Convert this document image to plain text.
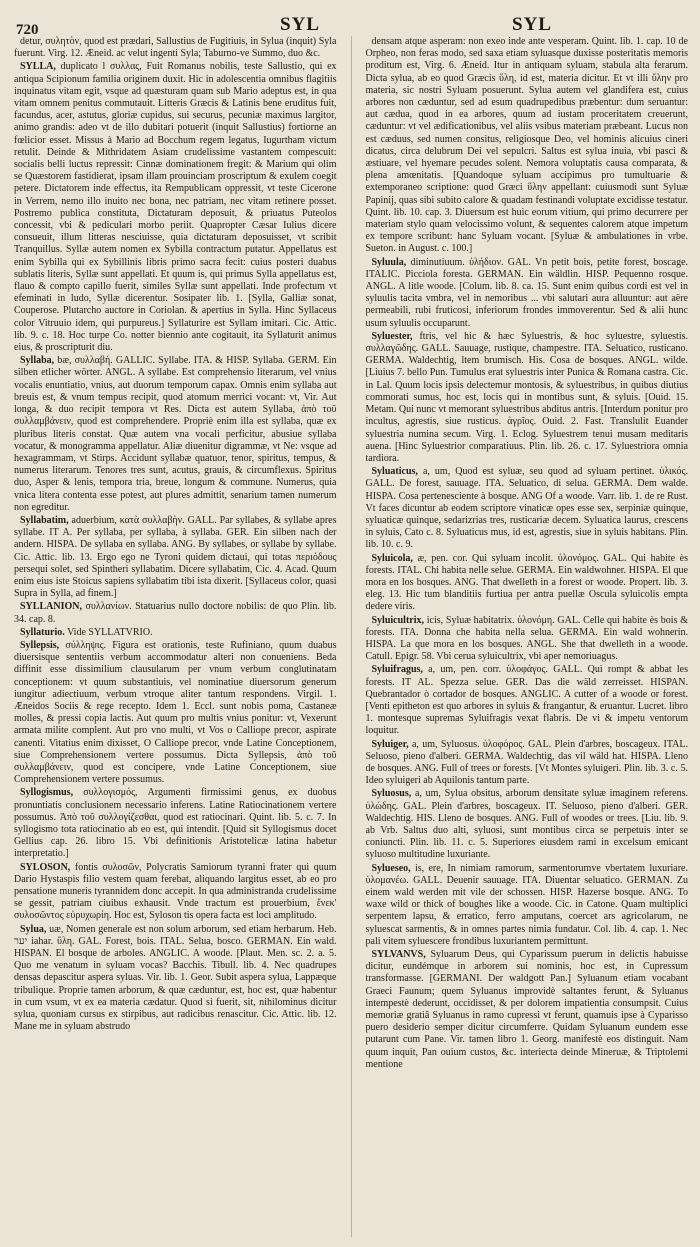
720	SYL	SYL

detur, συλητὸν, quod est prædari, Sallustius de Fugitiuis, in Sylua (inquit) Syla fuerunt. Virg. 12. Æneid. ac velut ingenti Syla; Taburno-ve Summo, duo &c.

SYLLA, duplicato l συλλας, Fuit Romanus nobilis, teste Sallustio, qui ex antiqua Scipionum familia originem duxit. Hic in adolescentia omnibus flagitiis inquinatus vitam egit, vsque ad quæsturam quam sub Mario adeptus est, in qua vitam omnem penitus commutauit. Litteris Græcis & Latinis bene eruditus fuit, facundus, acer, astutus, gloriæ cupidus, sui securus, pecuniæ maximus largitor, animo grandis: adeo vt de illo dubitari potuerit (inquit Sallustius) fortiorne an fœlicior esset. Missus à Mario ad Bocchum regem legatus, Iugurtham victum retulit. Deinde & Mithridatem Asiam crudelissime vastantem compescuit: socialis belli luctus repressit: Cinnæ dominationem fregit: & Marium qui olim se Quæstorem fastidierat, ipsam illam prouinciam proscriptum & exulem coegit petere. Dictatorem inde effectus, ita Rempublicam oppressit, vt teste Cicerone in Verrem, nemo illo inuito nec bona, nec patriam, nec vitam retinere posset. Postremo publica constituta, Dictaturam deposuit, & priuatus Puteolos concessit, vbi & pediculari morbo periit. Quapropter Cæsar Iulius dicere consueuit, illum litteras nesciuisse, quia dictaturam deposuisset, vt scribit Tranquillus. Syllæ autem nomen ex Sybilla contractum putatur. Appellatus est enim Sybilla qui ex Sybillinis libris primo sacra fecit: cuius posteri duabus sublatis literis, Syllæ sunt appellati. Et quum is, qui primus Sylla appellatus est, flauo & compto capillo fuerit, similes Syllæ sunt appellati. Inde profectum vt efeminati in ludo, Syllæ dicerentur. Sosipater lib. 1. [Sylla, Galliæ sonat, Couperose. Plutarcho auctore in Coriolan. & apertius in Sylla. Hinc Syllaceus color Vitruuio idem, qui purpureus.] Syllaturire est Syllam imitari. Cic. Attic. lib. 9. c. 18. Hoc turpe Co. notter biennio ante cogitauit, ita Syllaturit animus eius, & proscripturit diu.

Syllaba, bæ, συλλαβή. GALLIC. Syllabe. ITA. & HISP. Syllaba. GERM. Ein silben etlicher wörter. ANGL. A syllabe. Est comprehensio literarum, vel vnius vocalis enuntiatio, vnius, aut duorum temporum capax. Omnis enim syllaba aut breuis est, & vnum tempus recipit, quod atomum merrici vocant: vt, Vir. Aut longa, & duo recipit tempora vt Res. Dicta est autem Syllaba, ἀπὸ τοῦ συλλαμβάνειν, quod est comprehendere. Propriè enim illa est syllaba, quæ ex pluribus literis constat. Quæ autem vna vocali perficitur, abusiue syllaba vocatur, & monogramma appellatur. Aliæ diuenitur digrammæ, vt Ne: vsque ad hexagrammam, vt Stirps. Accidunt syllabæ quatuor, tenor, spiritus, tempus, & numerus literarum. Tenores tres sunt, acutus, grauis, & circumflexus. Spiritus duo, Asper & lenis, tempora tria, breue, longum & commune. Numerus, quia vnica litera contenta esse potest, aut plures admittit, senarium tamen numerum non egreditur.

Syllabatim, aduerbium, κατὰ συλλαβὴν. GALL. Par syllabes, & syllabe apres syllabe. IT A. Per syllaba, per syllaba, à syllaba. GER. Ein silben nach der andern. HISPA. De syllaba en syllaba. ANG. By syllabes, or syllabe by syllabe. Cic. Attic. lib. 13. Ergo ego ne Tyroni quidem dictaui, qui totas περιόδους persequi solet, sed Spintheri syllabatim. Dicere syllabatim, Cic. 4. Acad. Quum enim eius iste Stoicus sapiens syllabatim tibi ista dixerit. [Syllaceus color, quasi Supra in Sylla, ad finem.]

SYLLANION, συλλανίων. Statuarius nullo doctore nobilis: de quo Plin. lib. 34. cap. 8.

Syllaturio. Vide SYLLATVRIO.

Syllepsis, σύλληψις. Figura est orationis, teste Rufiniano, quum duabus diuersisque sententiis verbum accommodatur alteri non conueniens. Beda diffinit esse dissimilium clausularum per vnum verbum conglutinatam conceptionem: vt quum substantiuis, vel nominatiue diuersorum generum iungitur adiectiuum, verbum vtroque aliter tantum respondens. Virgil. 1. Æneidos Sociis & rege recepto. Idem 1. Eccl. sunt nobis poma, Castaneæ molles, & pressi copia lactis. Aut quum pro multis vnius ponitur: vt, Vexerunt armata milite complent. Aut pro vno multi, vt Vos o Calliope precor, aspirate canenti. Vitatius enim dixisset, O Calliope precor, vnde Latine Conceptionem, siue Comprehensionem vertere possumus. Dicta Syllepsis, ἀπὸ τοῦ συλλαμβάνειν, quod est concipere, vnde Latine Conceptionem, siue Comprehensionem vertere possumus.

Syllogismus, συλλογισμός, Argumenti firmissimi genus, ex duobus pronuntiatis conclusionem necessario inferens. Latine Ratiocinationem vertere possumus. Ἀπὸ τοῦ συλλογίζεσθαι, quod est ratiocinari. Quint. lib. 5. c. 7. In syllogismo tota ratiocinatio ab eo est, qui intendit. [Quid sit Syllogismus docet Gellius cap. 26. libro 15. Vbi definitionis Aristotelicæ latina habetur interpretatio.]

SYLOSON, fontis συλοσῶν, Polycratis Samiorum tyranni frater qui quum Dario Hystaspis filio vestem quam ferebat, aliquando largitus esset, ab eo pro pensatione muneris tyrannidem donc accepit. In qua administranda crudelissime se gessit, patriam ciuibus exhausit. Vnde tractum est prouerbium, ἕνεκ' συλοσῶντος εὐρυχωρίη. Hoc est, Syloson tis opera facta est loci amplitudo.

Sylua, uæ, Nomen generale est non solum arborum, sed etiam herbarum. Heb. יער iahar. ὕλη. GAL. Forest, bois. ITAL. Selua, bosco. GERMAN. Ein wald. HISPAN. El bosque de arboles. ANGLIC. A woode. [Plaut. Men. sc. 2. a. 5. Quo me venatum in syluam vocas? Bacchis. Tibull. lib. 4. Nec quadrupes densas depascitur aspera syluas. Vir. lib. 1. Geor. Subit aspera sylua, Lappæque tribulique. Proprie tamen arborum, & quæ cæduntur, est, hoc est, quæ habentur in cum vsum, vt ex ea materia cædatur. Quod si fuerit, sit, nihilominus dicitur sylua, quoniam cursus ex stirpibus, aut radicibus renascitur. Cic. Attic. lib. 12. Mane me in syluam abstrudo

densam atque asperam: non exeo inde ante vesperam. Quint. lib. 1. cap. 10 de Orpheo, non feras modo, sed saxa etiam syluasque duxisse posteritatis memoris proditum est, Virg. 6. Æneid. Itur in antiquam syluam, stabula alta ferarum. Dicta sylua, ab eo quod Græcis ὕλη, id est, materia dicitur. Et vt illi ὕλην pro materia, sic nostri Syluam posuerunt. Sylua autem vel glandifera est, cuius arbores non cæduntur, sed ad esum quadrupedibus præbentur: dum seruantur: aut cædua, quod in ea arbores, quum ad iustam proceritatem creuerunt, cæduntur: vt vel ædificationibus, vel aliis vsibus materiam præbeant. Lucus non est cæduus, sed numen consitus, religiosque Deo, vel hominis alicuius cineri dicatus, circa delubrum Dei vel sepulcri. Saltus est sylua inuia, vbi pasci & æstiuare, vel hyemare pecudes solent. Nemora voluptatis causa comparata, & plena amœnitatis. [Quandoque syluam accipimus pro tumultuarie & extemporaneo scriptione: quod Græci ὕλην appellant: cuiusmodi sunt Syluæ Papinij, quas sibi subito calore & quadam festinandi voluptate excidisse testatur. Quint. lib. 10. cap. 3. Diuersum est huic eorum vitium, qui primo decurrere per materiam stylo quam velocissimo volunt, & sequentes calorem atque impetum ex tempore scribunt: hanc Syluam vocant. [Syluæ & ambulationes in vrbe. Sueton. in August. c. 100.]

Syluula, diminutiuum. ὑλήδιον. GAL. Vn petit bois, petite forest, boscage. ITALIC. Picciola foresta. GERMAN. Ein wäldlin. HISP. Pequenno rosque. ANGL. A litle woode. [Colum. lib. 8. ca. 15. Sunt enim quibus cordi est vel in syluulis tacita vmbra, vel in nemoribus ... vbi salutari aura alluuntur: aut aëre permeabili, rubi fruticosi, inferiorum frondes immoverentur. Sed & alii hunc usum syluulis occuparunt.

Syluester, ftris, vel hic & hæc Syluestris, & hoc syluestre, syluestis. συλλαγῶδης. GALL. Sauuage, rustique, champestre. ITA. Seluatico, rusticano. GERMA. Waldechtig, ltem brumisch. His. Cosa de bosques. ANGL. wilde. [Liuius 7. bello Pun. Tumulus erat syluestris inter Punica & Romana castra. Cic. in Lal. Quum locis ipsis delectemur montosis, & syluestribus, in quibus diutius commorati sumus, hoc est, locis qui in montibus sunt, & syluis. [Ouid. 15. Metam. Qui nunc vt memorant syluestribus abditus antris. [Interdum ponitur pro incultus, agrestis, siue rusticus. ἀγρῖος. Ouid. 2. Fast. Translulit Euander syluestria numina secum. Virg. 1. Eclog. Syluestrem tenui musam meditaris auena. [Hinc Syluestrior comparatiuus. Plin. lib. 26. c. 17. Syluestriora omnia tardiora.

Syluaticus, a, um, Quod est syluæ, seu quod ad syluam pertinet. ὑλικός. GALL. De forest, sauuage. ITA. Seluatico, di selua. GERMA. Dem walde. HISPA. Cosa pertenesciente à bosque. ANG Of a woode. Varr. lib. 1. de re Rust. Vt faces dicuntur ab eodem scriptore vinaticæ opes esse sex, serpiniæ quinque, syluaticæ quinque, sedarizrias tres, rusticariæ decem. Syluatica laurus, crescens in syluis, Cato c. 8. Syluaticus mus, id est, agrestis, siue in syluis habitans. Plin. lib. 10. c. 9.

Syluicola, æ, pen. cor. Qui syluam incolit. ὑλονόμος. GAL. Qui habite ès forests. ITAL. Chi habita nelle selue. GERMA. Ein waldwohner. HISPA. El que mora en los bosques. ANG. That dwelleth in a forest or woode. Propert. lib. 3. eleg. 13. Hic tum blanditiis furtiua per antra puellæ Oscula syluicolis empta dedere viris.

Syluicultrix, icis, Syluæ habitatrix. ὑλονόμη. GAL. Celle qui habite ès bois & forests. ITA. Donna che habita nella selua. GERMA. Ein wald wohnerin. HISPA. La que mora en los bosques. ANGL. She that dwelleth in a woode. Catull. Epigr. 58. Vbi cerua syluicultrix, vbi aper nemoriuagus.

Syluifragus, a, um, pen. corr. ὑλοφάγος. GALL. Qui rompt & abbat les forests. IT AL. Spezza selue. GER. Das die wäld zerreisset. HISPAN. Quebrantador ò cortador de bosques. ANGLIC. A cutter of a woode or forest. [Venti epitheton est quo arbores in syluis & frangantur, & eruantur. Lucret. libro 1. montesque supremas Syluifragis vexat flabris. De vi & impetu ventorum loquitur.

Syluiger, a, um, Syluosus. ὑλοφόρος. GAL. Plein d'arbres, boscageux. ITAL. Seluoso, pieno d'alberi. GERMA. Waldechtig, das vil wäld hat. HISPA. Lleno de bosques. ANG. Full of trees or forests. [Vt Montes syluigeri. Plin. lib. 3. c. 5. Ideo syluigeri ab Aquilonis tantum parte.

Syluosus, a, um, Sylua obsitus, arborum densitate syluæ imaginem referens. ὑλώδης. GAL. Plein d'arbres, boscageux. IT. Seluoso, pieno d'alberi. GER. Waldechtig. HIS. Lleno de bosques. ANG. Full of woodes or trees. [Liu. lib. 9. ab Vrb. Saltus duo alti, syluosi, sunt montibus circa se perpetuis inter se coniuncti. Plin. lib. 11. c. 5. Superiores eiusdem rami in excelsum emicant syluoso multitudine luxuriante.

Sylueseo, is, ere, In nimiam ramorum, sarmentorumve vbertatem luxuriare. ὑλομανέω. GALL. Deuenir sauuage. ITA. Diuentar seluatico. GERMAN. Zu einem wald werden mit vile der schossen. HISP. Hazerse bosque. ANG. To waxe wild or thick of boughes like a woode. Cic. in Catone. Quam multiplici serpentem lapsu, & erratico, ferro amputans, coercet ars agricolarum, ne syluescat sarmentis, & in omnes partes nimia fundatur. Col. lib. 4. cap. 1. Nec pali vitem syluescere frondibus luxuriantem permittunt.

SYLVANVS, Syluarum Deus, qui Cyparissum puerum in delictis habuisse dicitur, eundémque in arborem sui nominis, hoc est, in Cupressum transformasse. [GERMANI. Der waldgott Pan.] Syluanum etiam vocabant Graeci Faunum; quem Syluanus improvidè saltantes ferunt, & Syluanus intempestè dederunt, occidisset, & per dolorem impatientia consumpsit. Cuius memoriæ gratiâ Syluanus in ramo cupressi vt ferunt, quamuis ipse à Cyparisso puero desiderio semper dicitur circumferre. Quidam Syluanum eundem esse putarunt cum Pane. Vir. tamen libro 1. Georg. manifestè eos distinguit. Nam quum inquit, Pan ouium custos, &c. interiecta deinde Mineruæ, & Triptolemi mentione
